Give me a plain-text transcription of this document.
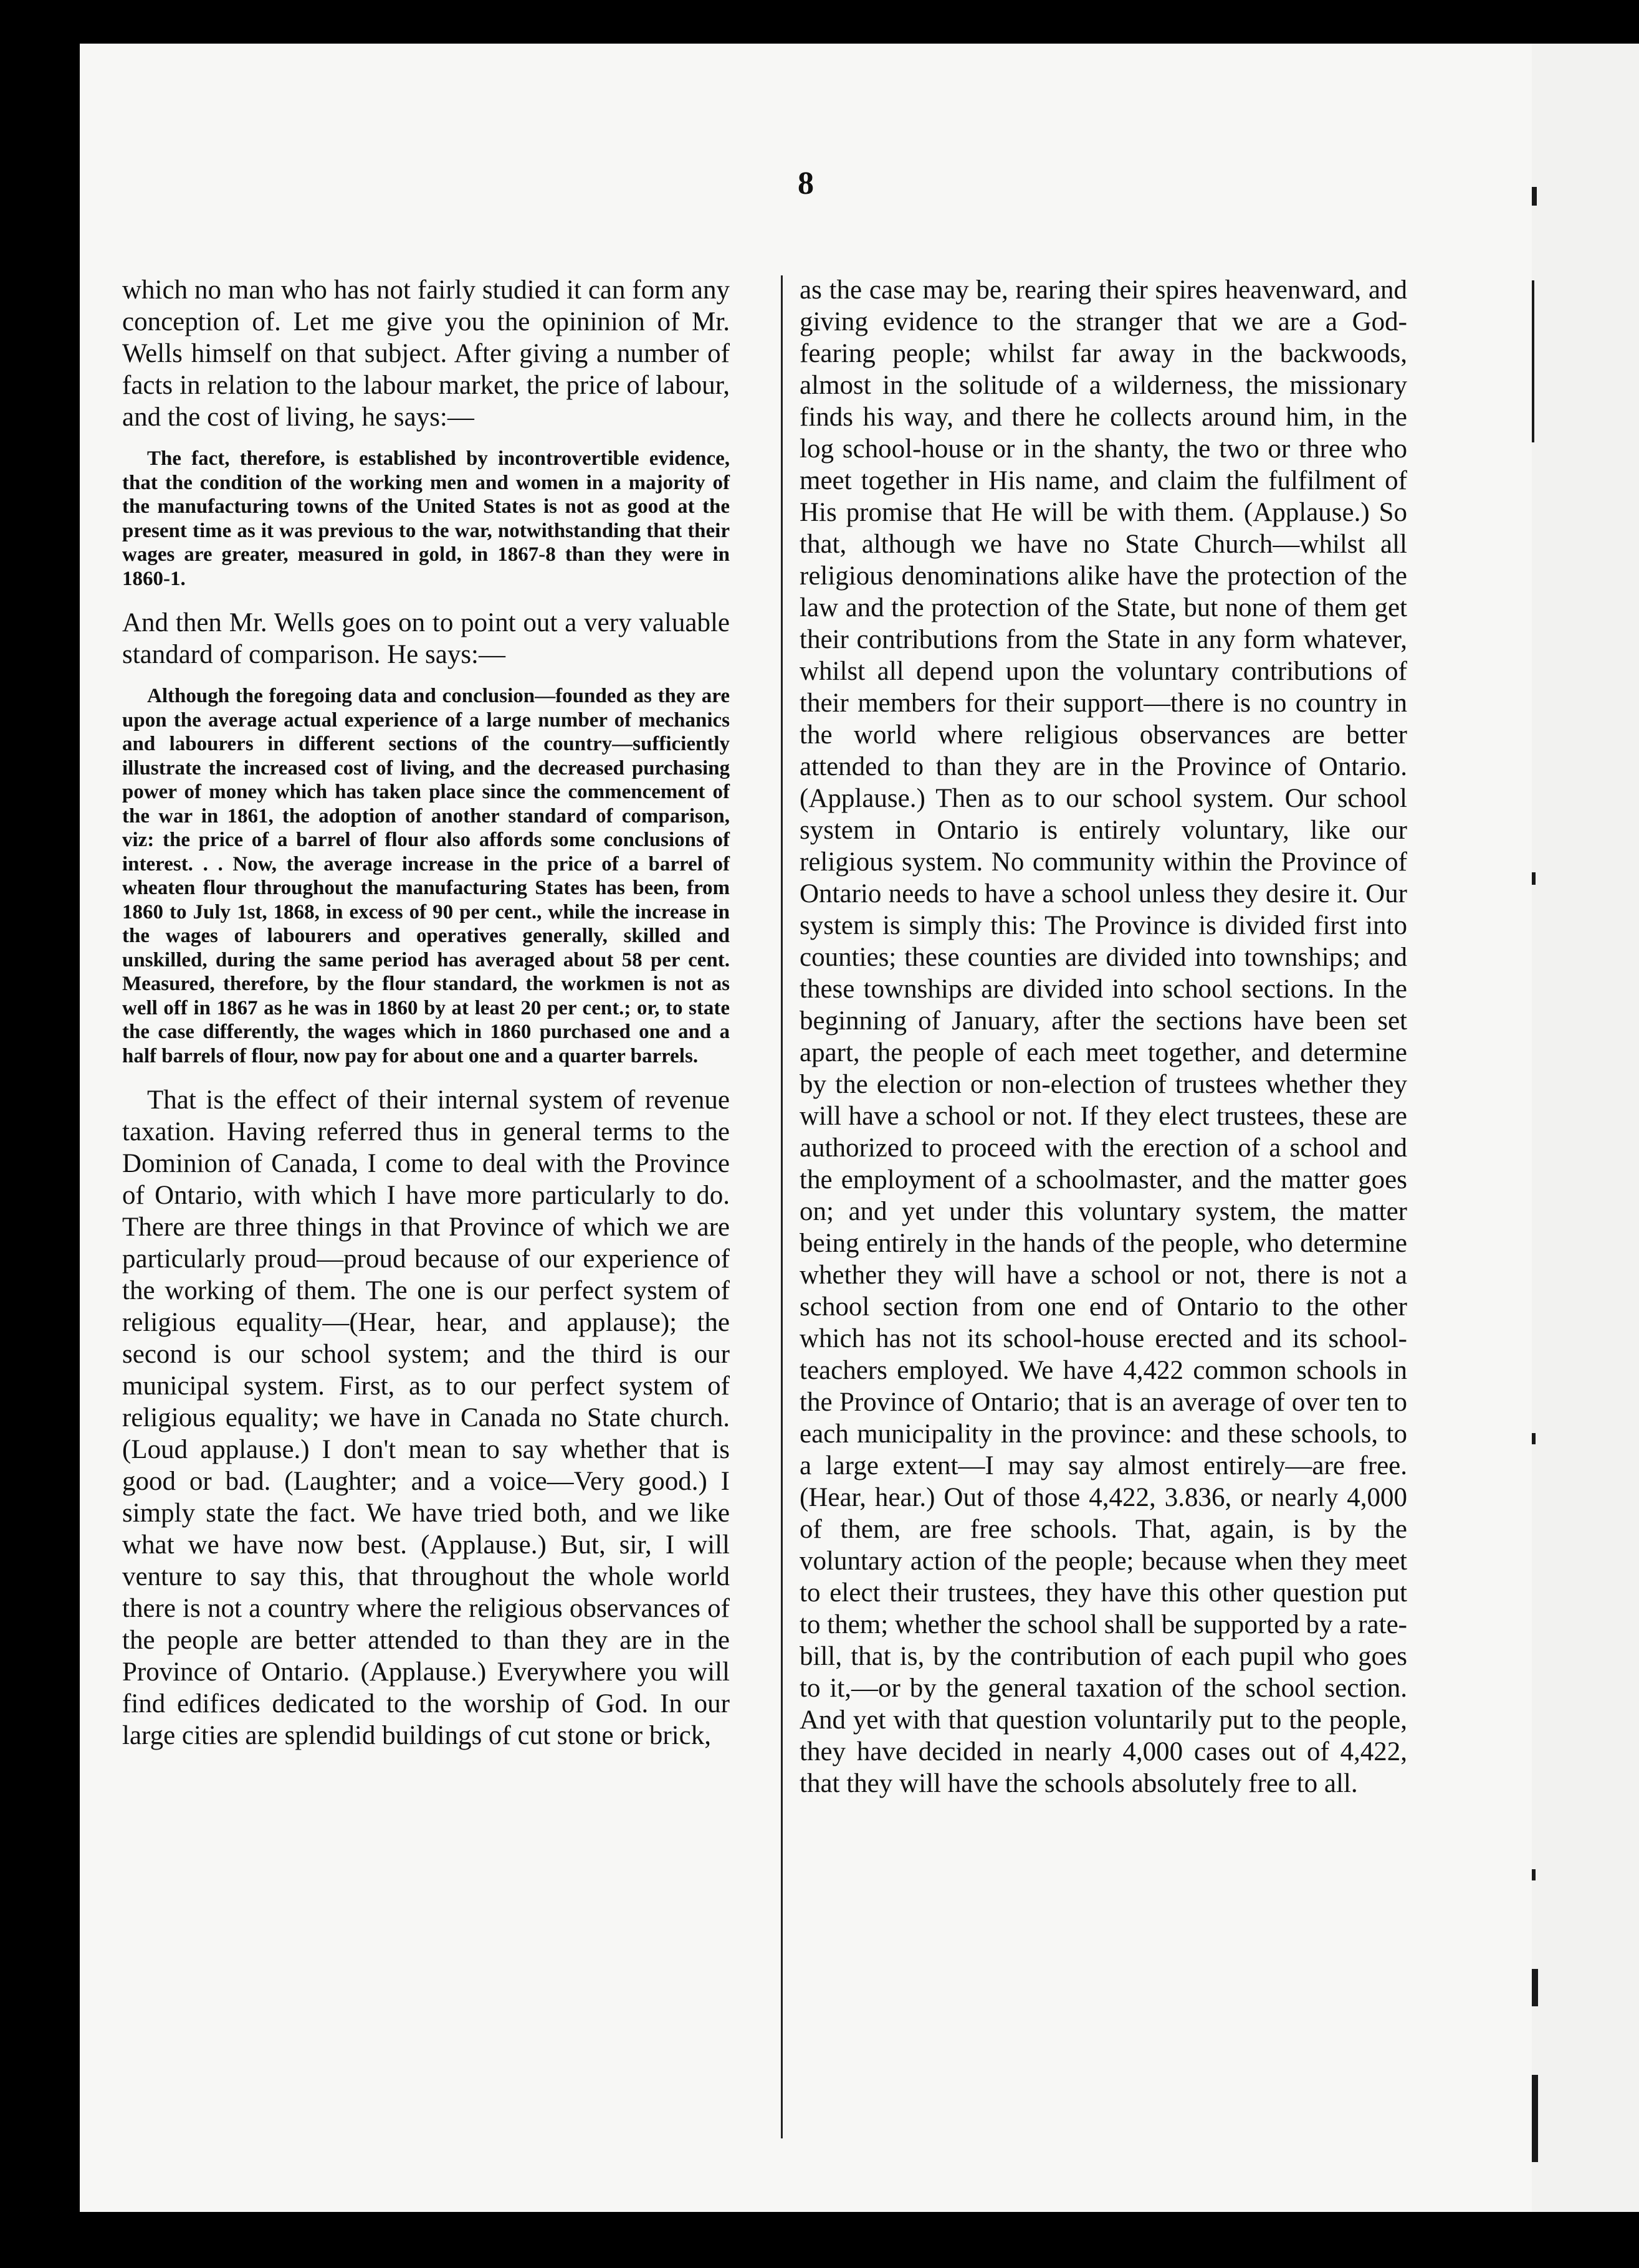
8

which no man who has not fairly studied it can form any conception of. Let me give you the opininion of Mr. Wells himself on that subject. After giving a number of facts in relation to the labour market, the price of labour, and the cost of living, he says:—

The fact, therefore, is established by incontrovertible evidence, that the condition of the working men and women in a majority of the manufacturing towns of the United States is not as good at the present time as it was previous to the war, notwithstanding that their wages are greater, measured in gold, in 1867-8 than they were in 1860-1.

And then Mr. Wells goes on to point out a very valuable standard of comparison. He says:—

Although the foregoing data and conclusion—founded as they are upon the average actual experience of a large number of mechanics and labourers in different sections of the country—sufficiently illustrate the increased cost of living, and the decreased purchasing power of money which has taken place since the commencement of the war in 1861, the adoption of another standard of comparison, viz: the price of a barrel of flour also affords some conclusions of interest. . . Now, the average increase in the price of a barrel of wheaten flour throughout the manufacturing States has been, from 1860 to July 1st, 1868, in excess of 90 per cent., while the increase in the wages of labourers and operatives generally, skilled and unskilled, during the same period has averaged about 58 per cent. Measured, therefore, by the flour standard, the workmen is not as well off in 1867 as he was in 1860 by at least 20 per cent.; or, to state the case differently, the wages which in 1860 purchased one and a half barrels of flour, now pay for about one and a quarter barrels.

That is the effect of their internal system of revenue taxation. Having referred thus in general terms to the Dominion of Canada, I come to deal with the Province of Ontario, with which I have more particularly to do. There are three things in that Province of which we are particularly proud—proud because of our experience of the working of them. The one is our perfect system of religious equality—(Hear, hear, and applause); the second is our school system; and the third is our municipal system. First, as to our perfect system of religious equality; we have in Canada no State church. (Loud applause.) I don't mean to say whether that is good or bad. (Laughter; and a voice—Very good.) I simply state the fact. We have tried both, and we like what we have now best. (Applause.) But, sir, I will venture to say this, that throughout the whole world there is not a country where the religious observances of the people are better attended to than they are in the Province of Ontario. (Applause.) Everywhere you will find edifices dedicated to the worship of God. In our large cities are splendid buildings of cut stone or brick,

as the case may be, rearing their spires heavenward, and giving evidence to the stranger that we are a God-fearing people; whilst far away in the backwoods, almost in the solitude of a wilderness, the missionary finds his way, and there he collects around him, in the log school-house or in the shanty, the two or three who meet together in His name, and claim the fulfilment of His promise that He will be with them. (Applause.) So that, although we have no State Church—whilst all religious denominations alike have the protection of the law and the protection of the State, but none of them get their contributions from the State in any form whatever, whilst all depend upon the voluntary contributions of their members for their support—there is no country in the world where religious observances are better attended to than they are in the Province of Ontario. (Applause.) Then as to our school system. Our school system in Ontario is entirely voluntary, like our religious system. No community within the Province of Ontario needs to have a school unless they desire it. Our system is simply this: The Province is divided first into counties; these counties are divided into townships; and these townships are divided into school sections. In the beginning of January, after the sections have been set apart, the people of each meet together, and determine by the election or non-election of trustees whether they will have a school or not. If they elect trustees, these are authorized to proceed with the erection of a school and the employment of a schoolmaster, and the matter goes on; and yet under this voluntary system, the matter being entirely in the hands of the people, who determine whether they will have a school or not, there is not a school section from one end of Ontario to the other which has not its school-house erected and its school-teachers employed. We have 4,422 common schools in the Province of Ontario; that is an average of over ten to each municipality in the province: and these schools, to a large extent—I may say almost entirely—are free. (Hear, hear.) Out of those 4,422, 3.836, or nearly 4,000 of them, are free schools. That, again, is by the voluntary action of the people; because when they meet to elect their trustees, they have this other question put to them; whether the school shall be supported by a rate-bill, that is, by the contribution of each pupil who goes to it,—or by the general taxation of the school section. And yet with that question voluntarily put to the people, they have decided in nearly 4,000 cases out of 4,422, that they will have the schools absolutely free to all.
